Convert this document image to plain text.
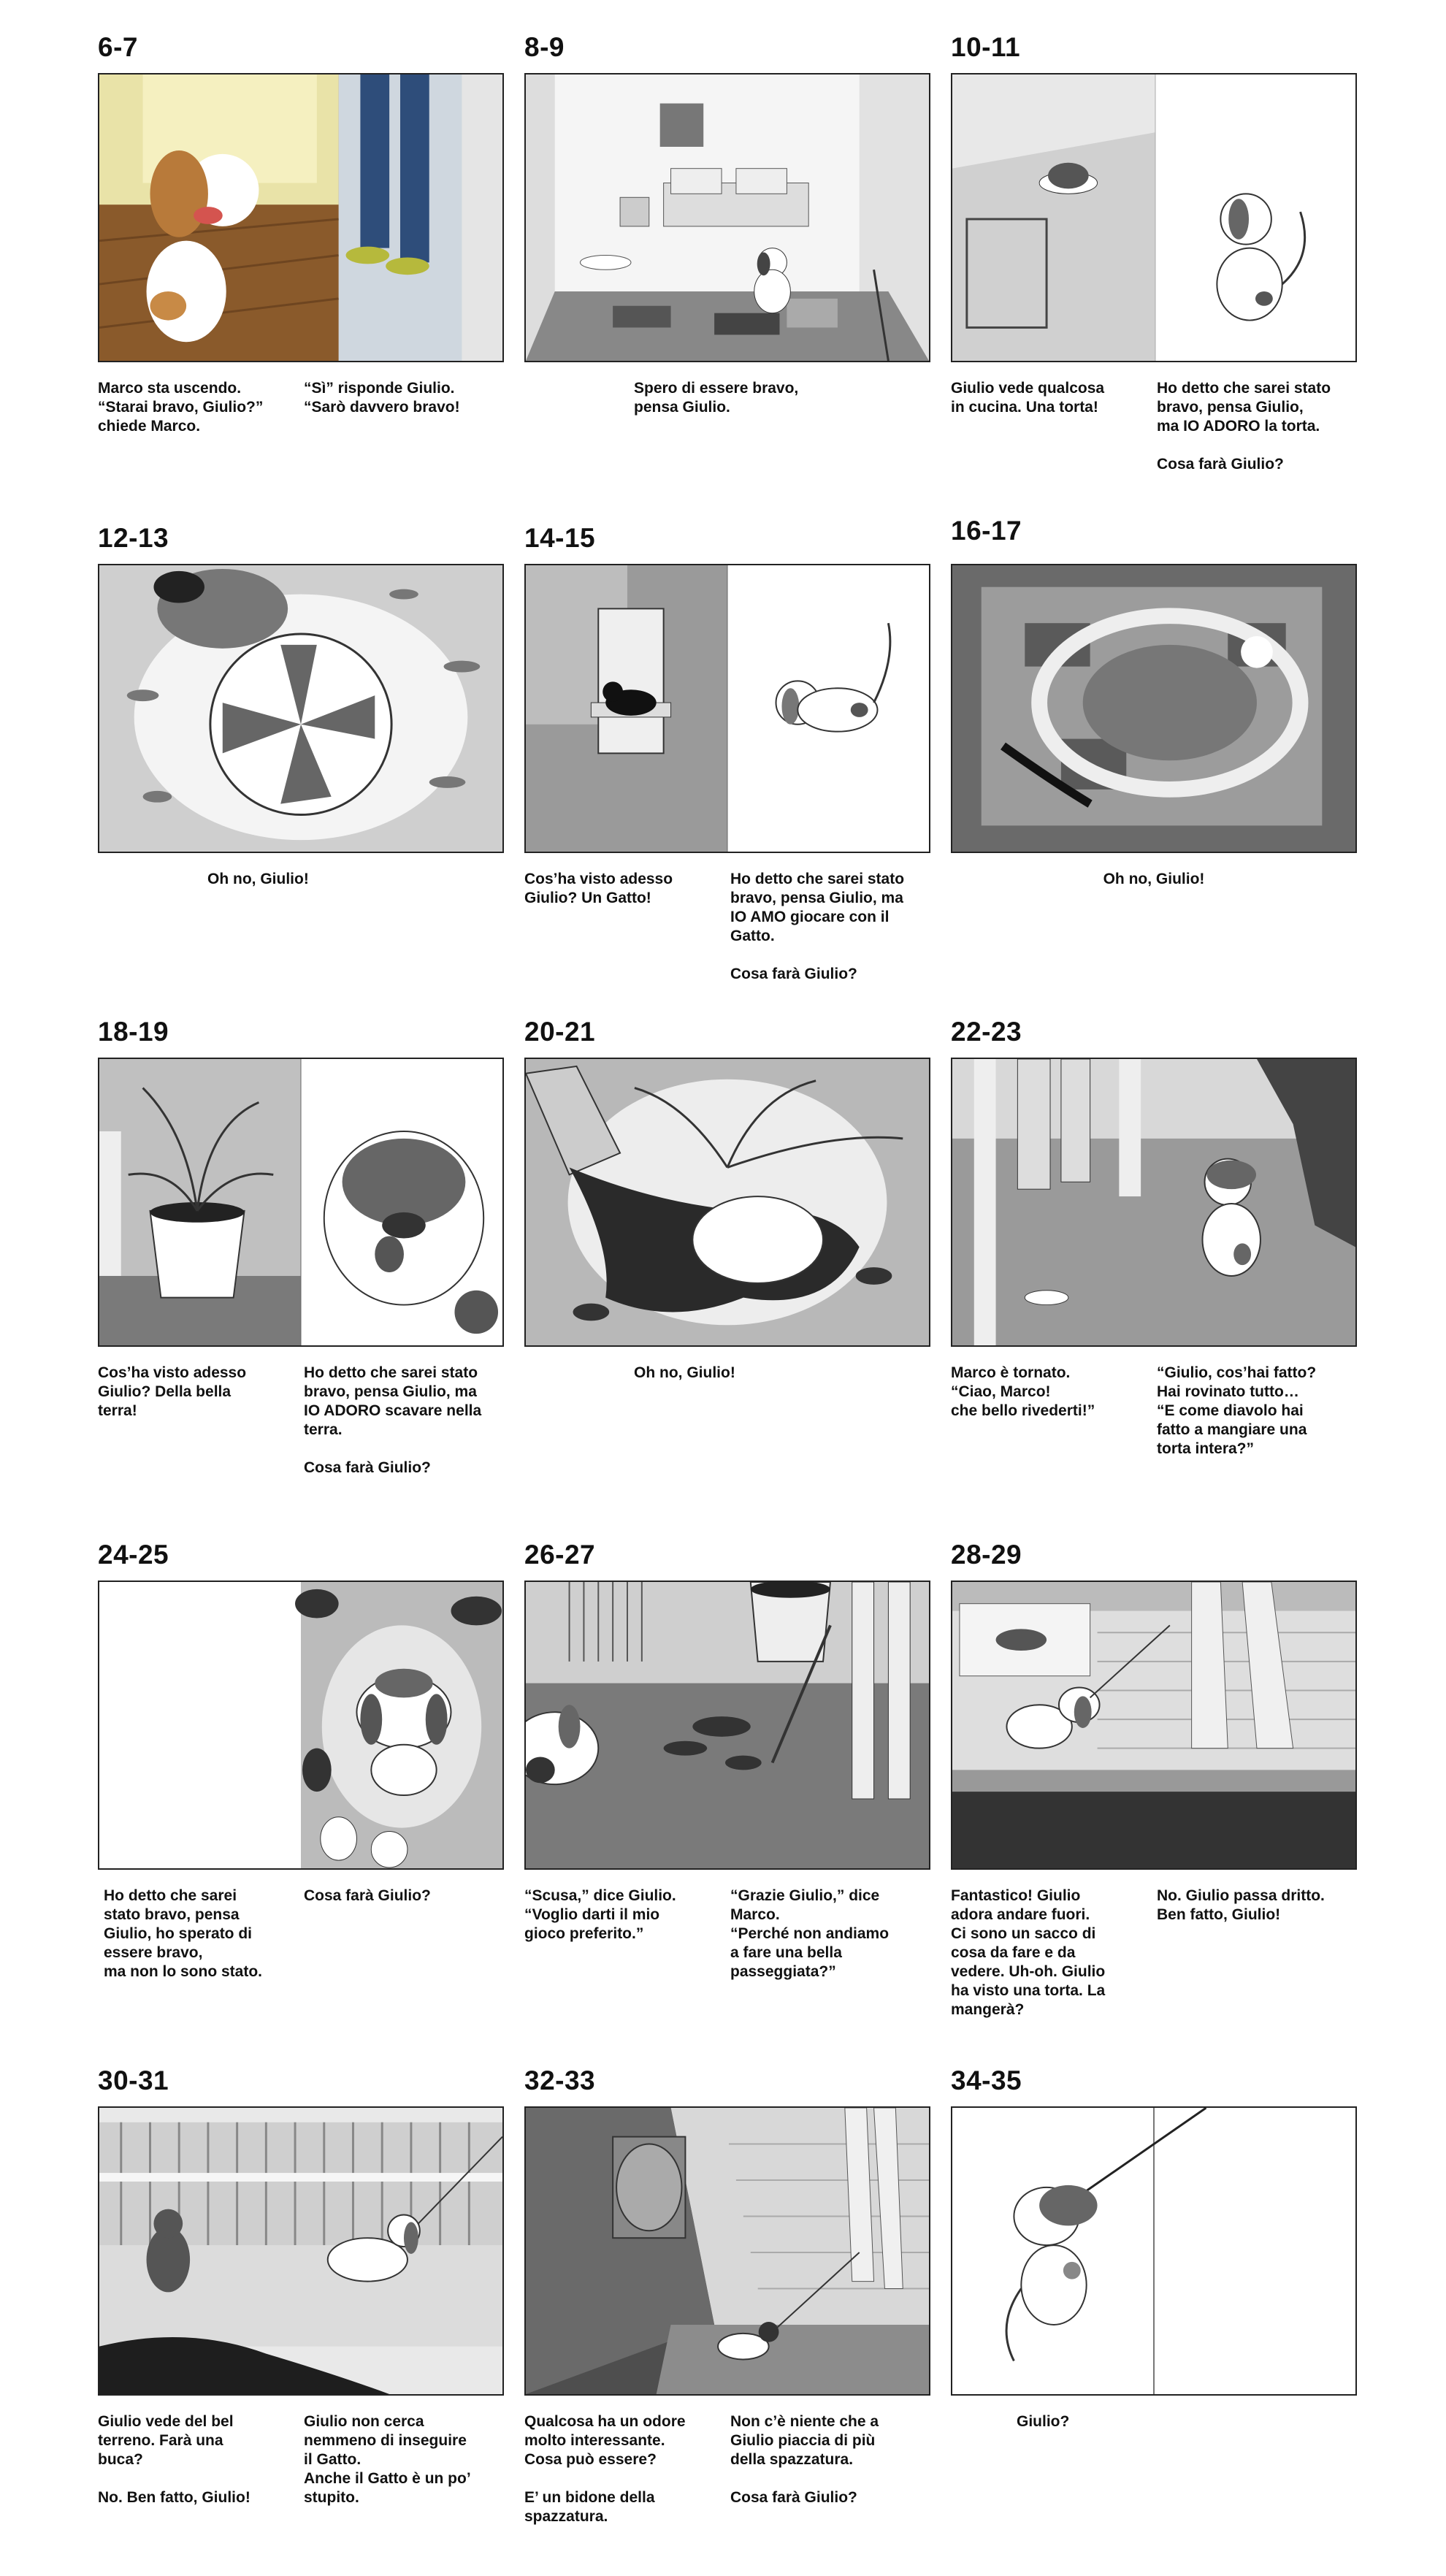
6-7
Marco sta uscendo.
“Starai bravo, Giulio?”
chiede Marco.
“Sì” risponde Giulio.
“Sarò davvero bravo!
8-9
Spero di essere bravo,
pensa Giulio.
10-11
Giulio vede qualcosa
in cucina. Una torta!
Ho detto che sarei stato
bravo, pensa Giulio,
ma IO ADORO la torta.

Cosa farà Giulio?
12-13
Oh no, Giulio!
14-15
Cos’ha visto adesso
Giulio? Un Gatto!
Ho detto che sarei stato
bravo, pensa Giulio, ma
IO AMO giocare con il
Gatto.

Cosa farà Giulio?
16-17
Oh no, Giulio!
18-19
Cos’ha visto adesso
Giulio? Della bella
terra!
Ho detto che sarei stato
bravo, pensa Giulio, ma
IO ADORO scavare nella
terra.

Cosa farà Giulio?
20-21
Oh no, Giulio!
22-23
Marco è tornato.
“Ciao, Marco!
che bello rivederti!”
“Giulio, cos’hai fatto?
Hai rovinato tutto…
“E come diavolo hai
fatto a mangiare una
torta intera?”
24-25
Ho detto che sarei
stato bravo, pensa
Giulio, ho sperato di
essere bravo,
ma non lo sono stato.
Cosa farà Giulio?
26-27
“Scusa,” dice Giulio.
“Voglio darti il mio
gioco preferito.”
“Grazie Giulio,” dice
Marco.
“Perché non andiamo
a fare una bella
passeggiata?”
28-29
Fantastico! Giulio
adora andare fuori.
Ci sono un sacco di
cosa da fare e da
vedere. Uh-oh. Giulio
ha visto una torta. La
mangerà?
No. Giulio passa dritto.
Ben fatto, Giulio!
30-31
Giulio vede del bel
terreno. Farà una
buca?

No. Ben fatto, Giulio!
Giulio non cerca
nemmeno di inseguire
il Gatto.
Anche il Gatto è un po’
stupito.
32-33
Qualcosa ha un odore
molto interessante.
Cosa può essere?

E’ un bidone della
spazzatura.
Non c’è niente che a
Giulio piaccia di più
della spazzatura.

Cosa farà Giulio?
34-35
Giulio?
